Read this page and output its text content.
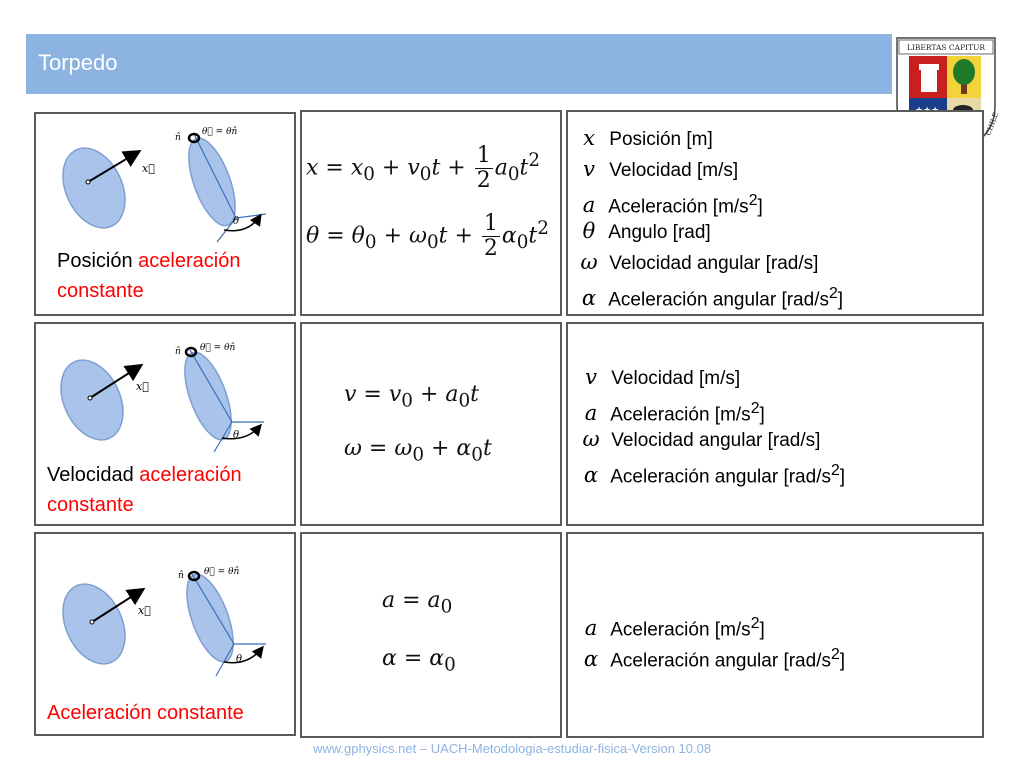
Torpedo
LIBERTAS CAPITUR
CHILE
x⃗
θ
n̂
θ⃗ = θn̂
Posición aceleración constante
$x = x_0 + v_0t + \frac{1}{2} a_0t^2$
$\theta = \theta_0 + \omega_0t + \frac{1}{2} \alpha_0t^2$
x Posición [m]
v Velocidad [m/s]
a Aceleración $[m/s^2]$
θ Angulo [rad]
ω Velocidad angular [rad/s]
α Aceleración angular $[rad/s^2]$
x⃗
θ
n̂ θ⃗ = θn̂
Velocidad aceleración constante
$v = v_0 + a_0t$
$\omega = \omega_0 + \alpha_0t$
v Velocidad [m/s]
a Aceleración $[m/s^2]$
ω Velocidad angular [rad/s]
α Aceleración angular $[rad/s^2]$
x⃗
θ
n̂ θ⃗ = θn̂
Aceleración constante
$a = a_0$
$\alpha = \alpha_0$
a Aceleración $[m/s^2]$
α Aceleración angular $[rad/s^2]$
www.gphysics.net – UACH-Metodologia-estudiar-fisica-Version 10.08
